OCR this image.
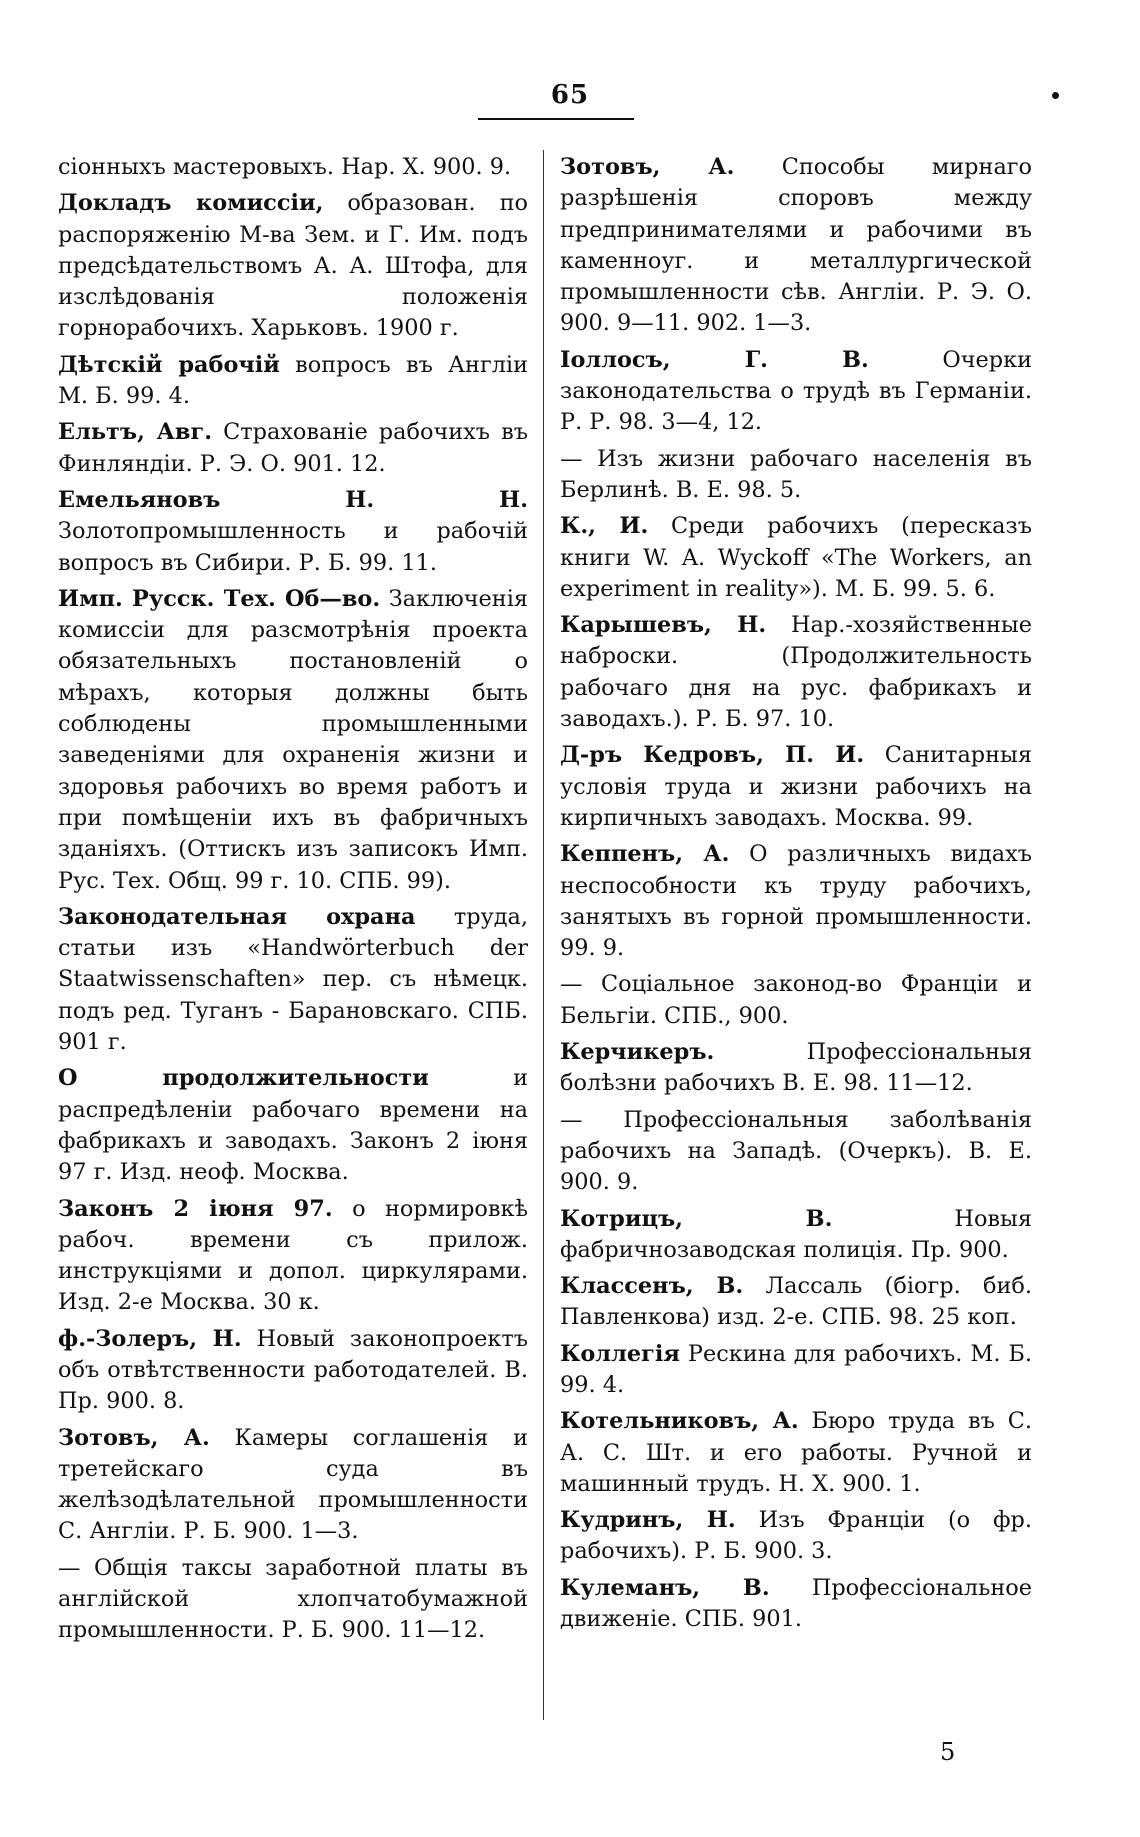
65

сіонныхъ мастеровыхъ. Нар. Х. 900. 9.

Докладъ комиссіи, образован. по распоряженію М-ва Зем. и Г. Им. подъ предсѣдательствомъ А. А. Штофа, для изслѣдованія положенія горнорабочихъ. Харьковъ. 1900 г.

Дѣтскій рабочій вопросъ въ Англіи М. Б. 99. 4.

Ельтъ, Авг. Страхованіе рабочихъ въ Финляндіи. Р. Э. О. 901. 12.

Емельяновъ Н. Н. Золотопромышленность и рабочій вопросъ въ Сибири. Р. Б. 99. 11.

Имп. Русск. Тех. Об—во. Заключенія комиссіи для разсмотрѣнія проекта обязательныхъ постановленій о мѣрахъ, которыя должны быть соблюдены промышленными заведеніями для охраненія жизни и здоровья рабочихъ во время работъ и при помѣщеніи ихъ въ фабричныхъ зданіяхъ. (Оттискъ изъ записокъ Имп. Рус. Тех. Общ. 99 г. 10. СПБ. 99).

Законодательная охрана труда, статьи изъ «Handwörterbuch der Staatwissenschaften» пер. съ нѣмецк. подъ ред. Туганъ - Барановскаго. СПБ. 901 г.

О продолжительности и распредѣленіи рабочаго времени на фабрикахъ и заводахъ. Законъ 2 іюня 97 г. Изд. неоф. Москва.

Законъ 2 іюня 97. о нормировкѣ рабоч. времени съ прилож. инструкціями и допол. циркулярами. Изд. 2-е Москва. 30 к.

ф.-Золеръ, Н. Новый законопроектъ объ отвѣтственности работодателей. В. Пр. 900. 8.

Зотовъ, А. Камеры соглашенія и третейскаго суда въ желѣзодѣлательной промышленности С. Англіи. Р. Б. 900. 1—3.

— Общія таксы заработной платы въ англійской хлопчатобумажной промышленности. Р. Б. 900. 11—12.

Зотовъ, А. Способы мирнаго разрѣшенія споровъ между предпринимателями и рабочими въ каменноуг. и металлургической промышленности сѣв. Англіи. Р. Э. О. 900. 9—11. 902. 1—3.

Іоллосъ, Г. В. Очерки законодательства о трудѣ въ Германіи. Р. Р. 98. 3—4, 12.

— Изъ жизни рабочаго населенія въ Берлинѣ. В. Е. 98. 5.

К., И. Среди рабочихъ (пересказъ книги W. A. Wyckoff «The Workers, an experiment in reality»). М. Б. 99. 5. 6.

Карышевъ, Н. Нар.-хозяйственные наброски. (Продолжительность рабочаго дня на рус. фабрикахъ и заводахъ.). Р. Б. 97. 10.

Д-ръ Кедровъ, П. И. Санитарныя условія труда и жизни рабочихъ на кирпичныхъ заводахъ. Москва. 99.

Кеппенъ, А. О различныхъ видахъ неспособности къ труду рабочихъ, занятыхъ въ горной промышленности. 99. 9.

— Соціальное законод-во Франціи и Бельгіи. СПБ., 900.

Керчикеръ. Профессіональныя болѣзни рабочихъ В. Е. 98. 11—12.

— Профессіональныя заболѣванія рабочихъ на Западѣ. (Очеркъ). В. Е. 900. 9.

Котрицъ, В. Новыя фабричнозаводская полиція. Пр. 900.

Классенъ, В. Лассаль (біогр. биб. Павленкова) изд. 2-е. СПБ. 98. 25 коп.

Коллегія Рескина для рабочихъ. М. Б. 99. 4.

Котельниковъ, А. Бюро труда въ С. А. С. Шт. и его работы. Ручной и машинный трудъ. Н. Х. 900. 1.

Кудринъ, Н. Изъ Франціи (о фр. рабочихъ). Р. Б. 900. 3.

Кулеманъ, В. Профессіональное движеніе. СПБ. 901.

5
